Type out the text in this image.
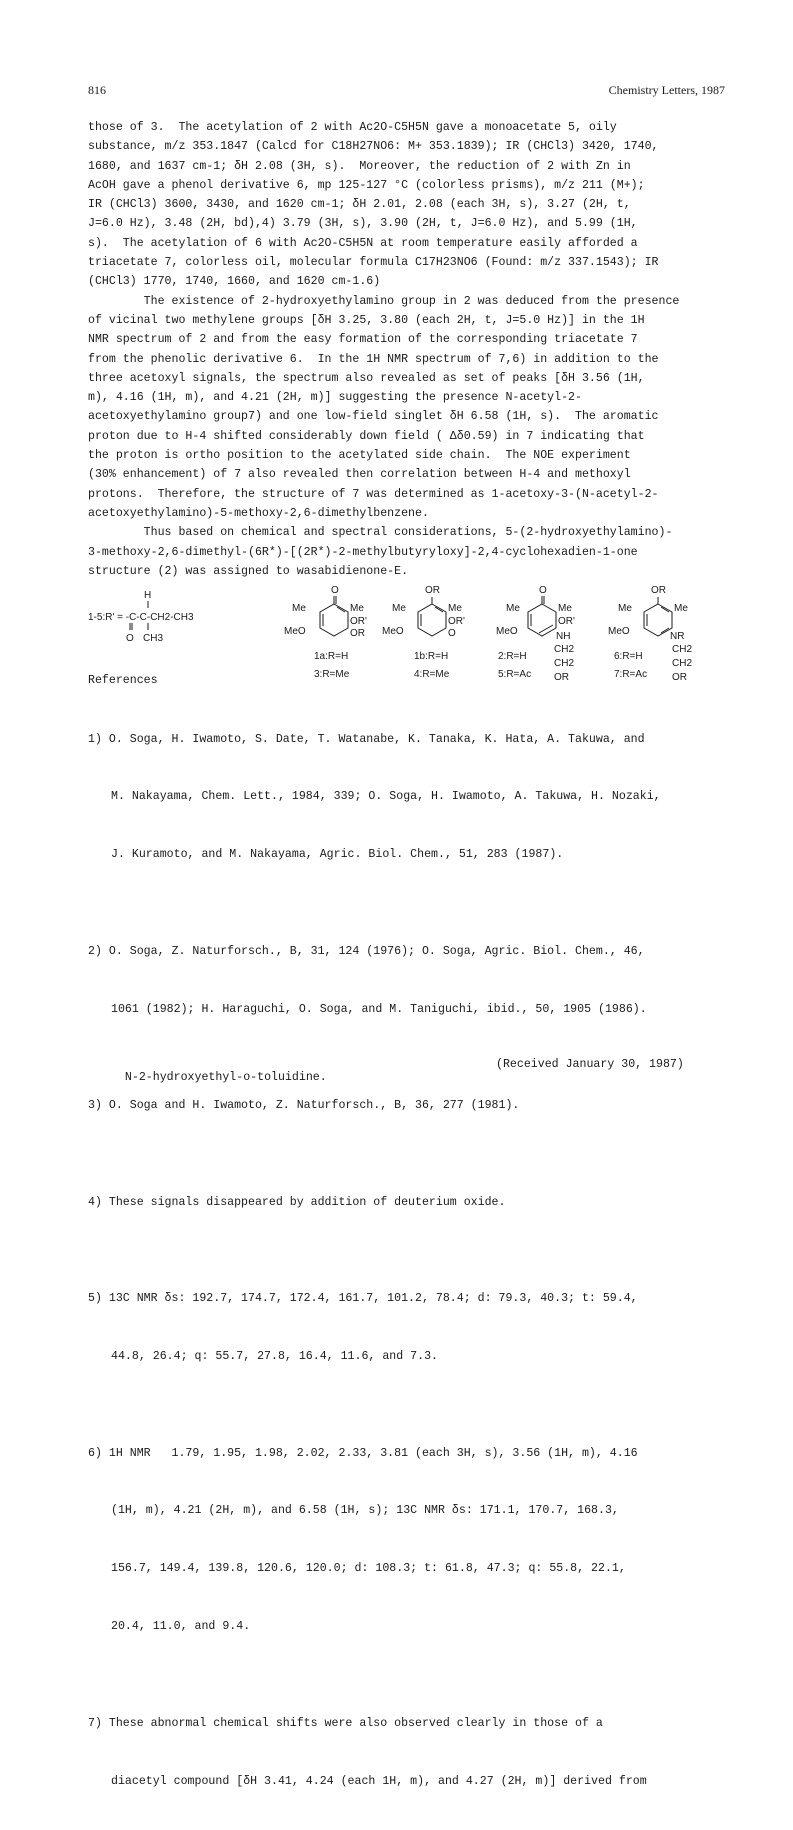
816	Chemistry Letters, 1987
those of 3.  The acetylation of 2 with Ac2O-C5H5N gave a monoacetate 5, oily
substance, m/z 353.1847 (Calcd for C18H27NO6: M+ 353.1839); IR (CHCl3) 3420, 1740,
1680, and 1637 cm-1; δH 2.08 (3H, s).  Moreover, the reduction of 2 with Zn in
AcOH gave a phenol derivative 6, mp 125-127 °C (colorless prisms), m/z 211 (M+);
IR (CHCl3) 3600, 3430, and 1620 cm-1; δH 2.01, 2.08 (each 3H, s), 3.27 (2H, t,
J=6.0 Hz), 3.48 (2H, bd),4) 3.79 (3H, s), 3.90 (2H, t, J=6.0 Hz), and 5.99 (1H,
s).  The acetylation of 6 with Ac2O-C5H5N at room temperature easily afforded a
triacetate 7, colorless oil, molecular formula C17H23NO6 (Found: m/z 337.1543); IR
(CHCl3) 1770, 1740, 1660, and 1620 cm-1.6)
The existence of 2-hydroxyethylamino group in 2 was deduced from the presence
of vicinal two methylene groups [δH 3.25, 3.80 (each 2H, t, J=5.0 Hz)] in the 1H
NMR spectrum of 2 and from the easy formation of the corresponding triacetate 7
from the phenolic derivative 6.  In the 1H NMR spectrum of 7,6) in addition to the
three acetoxyl signals, the spectrum also revealed as set of peaks [δH 3.56 (1H,
m), 4.16 (1H, m), and 4.21 (2H, m)] suggesting the presence N-acetyl-2-
acetoxyethylamino group7) and one low-field singlet δH 6.58 (1H, s).  The aromatic
proton due to H-4 shifted considerably down field ( Δδ0.59) in 7 indicating that
the proton is ortho position to the acetylated side chain.  The NOE experiment
(30% enhancement) of 7 also revealed then correlation between H-4 and methoxyl
protons.  Therefore, the structure of 7 was determined as 1-acetoxy-3-(N-acetyl-2-
acetoxyethylamino)-5-methoxy-2,6-dimethylbenzene.
Thus based on chemical and spectral considerations, 5-(2-hydroxyethylamino)-
3-methoxy-2,6-dimethyl-(6R*)-[(2R*)-2-methylbutyryloxy]-2,4-cyclohexadien-1-one
structure (2) was assigned to wasabidienone-E.
H
1-5:R' = -C-C-CH2-CH3
O CH3
O
Me	Me
OR'
MeO	OR
1a:R=H
3:R=Me
OR
Me	Me
OR'
MeO	O
1b:R=H
4:R=Me
O
Me	Me
OR'
MeO	NH
CH2
CH2
OR
2:R=H
5:R=Ac
OR
Me	Me
MeO	NR
CH2
CH2
OR
6:R=H
7:R=Ac
References

1) O. Soga, H. Iwamoto, S. Date, T. Watanabe, K. Tanaka, K. Hata, A. Takuwa, and

M. Nakayama, Chem. Lett., 1984, 339; O. Soga, H. Iwamoto, A. Takuwa, H. Nozaki,

J. Kuramoto, and M. Nakayama, Agric. Biol. Chem., 51, 283 (1987).

2) O. Soga, Z. Naturforsch., B, 31, 124 (1976); O. Soga, Agric. Biol. Chem., 46,

1061 (1982); H. Haraguchi, O. Soga, and M. Taniguchi, ibid., 50, 1905 (1986).

3) O. Soga and H. Iwamoto, Z. Naturforsch., B, 36, 277 (1981).

4) These signals disappeared by addition of deuterium oxide.

5) 13C NMR δs: 192.7, 174.7, 172.4, 161.7, 101.2, 78.4; d: 79.3, 40.3; t: 59.4,

44.8, 26.4; q: 55.7, 27.8, 16.4, 11.6, and 7.3.

6) 1H NMR   1.79, 1.95, 1.98, 2.02, 2.33, 3.81 (each 3H, s), 3.56 (1H, m), 4.16

(1H, m), 4.21 (2H, m), and 6.58 (1H, s); 13C NMR δs: 171.1, 170.7, 168.3,

156.7, 149.4, 139.8, 120.6, 120.0; d: 108.3; t: 61.8, 47.3; q: 55.8, 22.1,

20.4, 11.0, and 9.4.

7) These abnormal chemical shifts were also observed clearly in those of a

diacetyl compound [δH 3.41, 4.24 (each 1H, m), and 4.27 (2H, m)] derived from

N-2-hydroxyethyl-o-toluidine.

(Received January 30, 1987)
